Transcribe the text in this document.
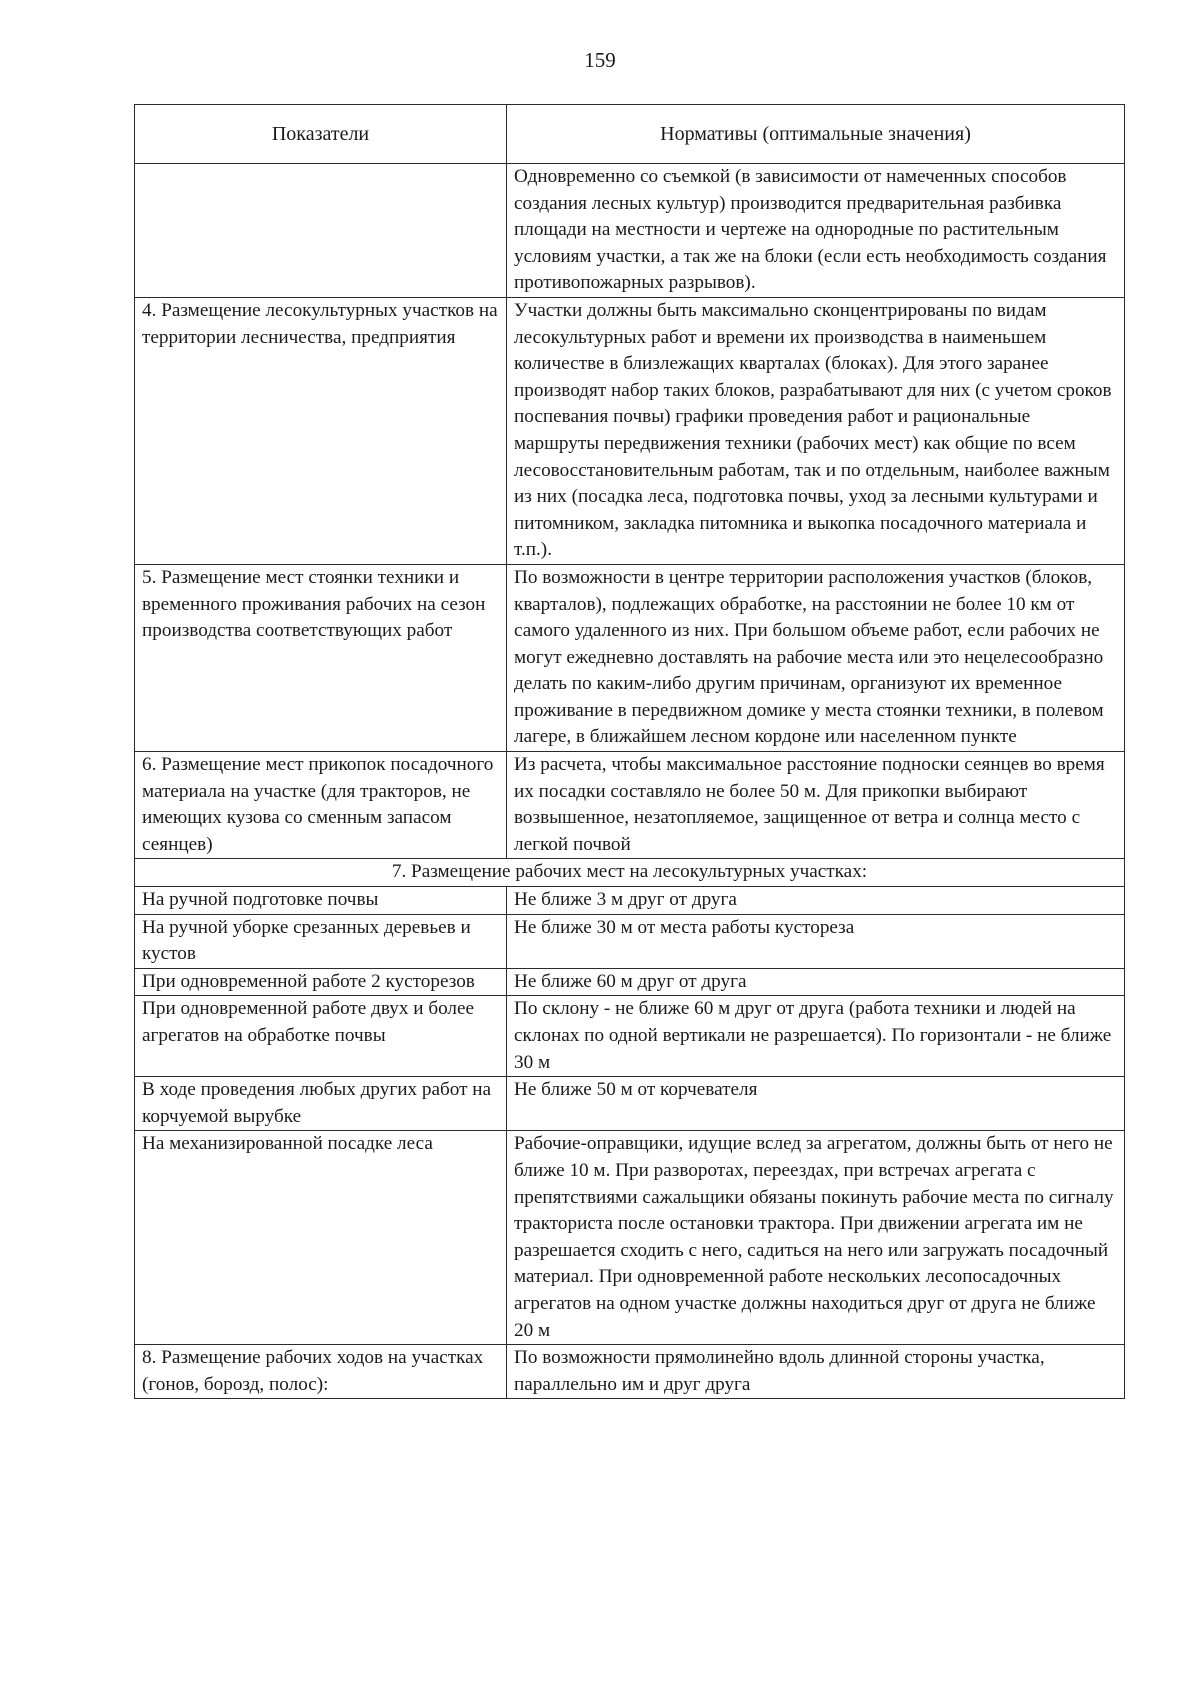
159
Показатели	Нормативы (оптимальные значения)
	Одновременно со съемкой (в зависимости от намеченных способов создания лесных культур) производится предварительная разбивка площади на местности и чертеже на однородные по растительным условиям участки, а так же на блоки (если есть необходимость создания противопожарных разрывов).
4. Размещение лесокультурных участков на территории лесничества, предприятия	Участки должны быть максимально сконцентрированы по видам лесокультурных работ и времени их производства в наименьшем количестве в близлежащих кварталах (блоках). Для этого заранее производят набор таких блоков, разрабатывают для них (с учетом сроков поспевания почвы) графики проведения работ и рациональные маршруты передвижения техники (рабочих мест) как общие по всем лесовосстановительным работам, так и по отдельным, наиболее важным из них (посадка леса, подготовка почвы, уход за лесными культурами и питомником, закладка питомника и выкопка посадочного материала и т.п.).
5. Размещение мест стоянки техники и временного проживания рабочих на сезон производства соответствующих работ	По возможности в центре территории расположения участков (блоков, кварталов), подлежащих обработке, на расстоянии не более 10 км от самого удаленного из них. При большом объеме работ, если рабочих не могут ежедневно доставлять на рабочие места или это нецелесообразно делать по каким-либо другим причинам, организуют их временное проживание в передвижном домике у места стоянки техники, в полевом лагере, в ближайшем лесном кордоне или населенном пункте
6. Размещение мест прикопок посадочного материала на участке (для тракторов, не имеющих кузова со сменным запасом сеянцев)	Из расчета, чтобы максимальное расстояние подноски сеянцев во время их посадки составляло не более 50 м. Для прикопки выбирают возвышенное, незатопляемое, защищенное от ветра и солнца место с легкой почвой
7. Размещение рабочих мест на лесокультурных участках:	
На ручной подготовке почвы	Не ближе 3 м друг от друга
На ручной уборке срезанных деревьев и кустов	Не ближе 30 м от места работы кустореза
При одновременной работе 2 кусторезов	Не ближе 60 м друг от друга
При одновременной работе двух и более агрегатов на обработке почвы	По склону - не ближе 60 м друг от друга (работа техники и людей на склонах по одной вертикали не разрешается). По горизонтали - не ближе 30 м
В ходе проведения любых других работ на корчуемой вырубке	Не ближе 50 м от корчевателя
На механизированной посадке леса	Рабочие-оправщики, идущие вслед за агрегатом, должны быть от него не ближе 10 м. При разворотах, переездах, при встречах агрегата с препятствиями сажальщики обязаны покинуть рабочие места по сигналу тракториста после остановки трактора. При движении агрегата им не разрешается сходить с него, садиться на него или загружать посадочный материал. При одновременной работе нескольких лесопосадочных агрегатов на одном участке должны находиться друг от друга не ближе 20 м
8. Размещение рабочих ходов на участках (гонов, борозд, полос):	По возможности прямолинейно вдоль длинной стороны участка, параллельно им и друг друга
